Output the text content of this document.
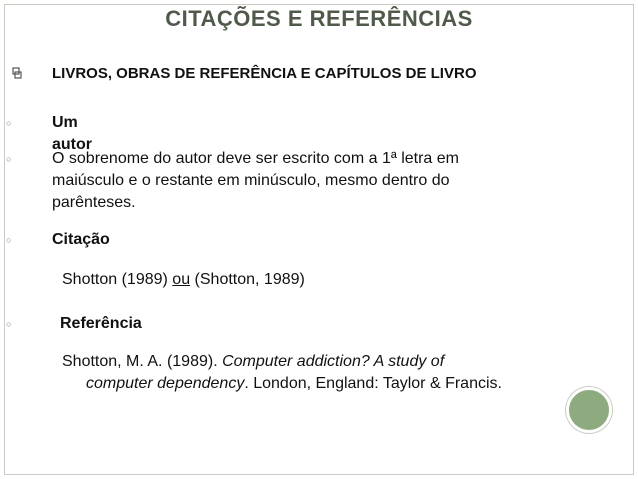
CITAÇÕES E REFERÊNCIAS
LIVROS, OBRAS DE REFERÊNCIA E CAPÍTULOS DE LIVRO
○	Um autor
○	O sobrenome do autor deve ser escrito com a 1ª letra em
maiúsculo e o restante em minúsculo, mesmo dentro do
parênteses.
○	Citação
Shotton (1989) ou (Shotton, 1989)
○	Referência
Shotton, M. A. (1989). Computer addiction? A study of
computer dependency. London, England: Taylor & Francis.
